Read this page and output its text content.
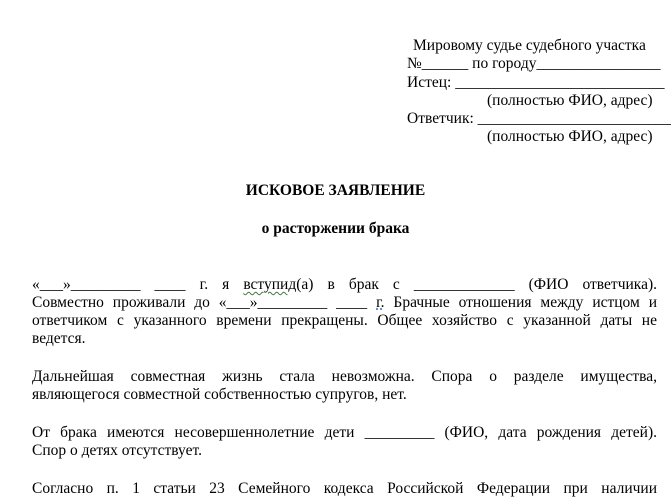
Мировому судье судебного участка
№______ по городу________________
Истец: ___________________________
(полностью ФИО, адрес)
Ответчик: _________________________
(полностью ФИО, адрес)
ИСКОВОЕ ЗАЯВЛЕНИЕ
о расторжении брака
«___»_________ ____ г. я вступид(а) в брак с _____________ (ФИО ответчика).
Совместно проживали до «___»_________ ____ г. Брачные отношения между истцом и
ответчиком с указанного времени прекращены. Общее хозяйство с указанной даты не
ведется.
Дальнейшая совместная жизнь стала невозможна. Спора о разделе имущества,
являющегося совместной собственностью супругов, нет.
От брака имеются несовершеннолетние дети _________ (ФИО, дата рождения детей).
Спор о детях отсутствует.
Согласно п. 1 статьи 23 Семейного кодекса Российской Федерации при наличии
